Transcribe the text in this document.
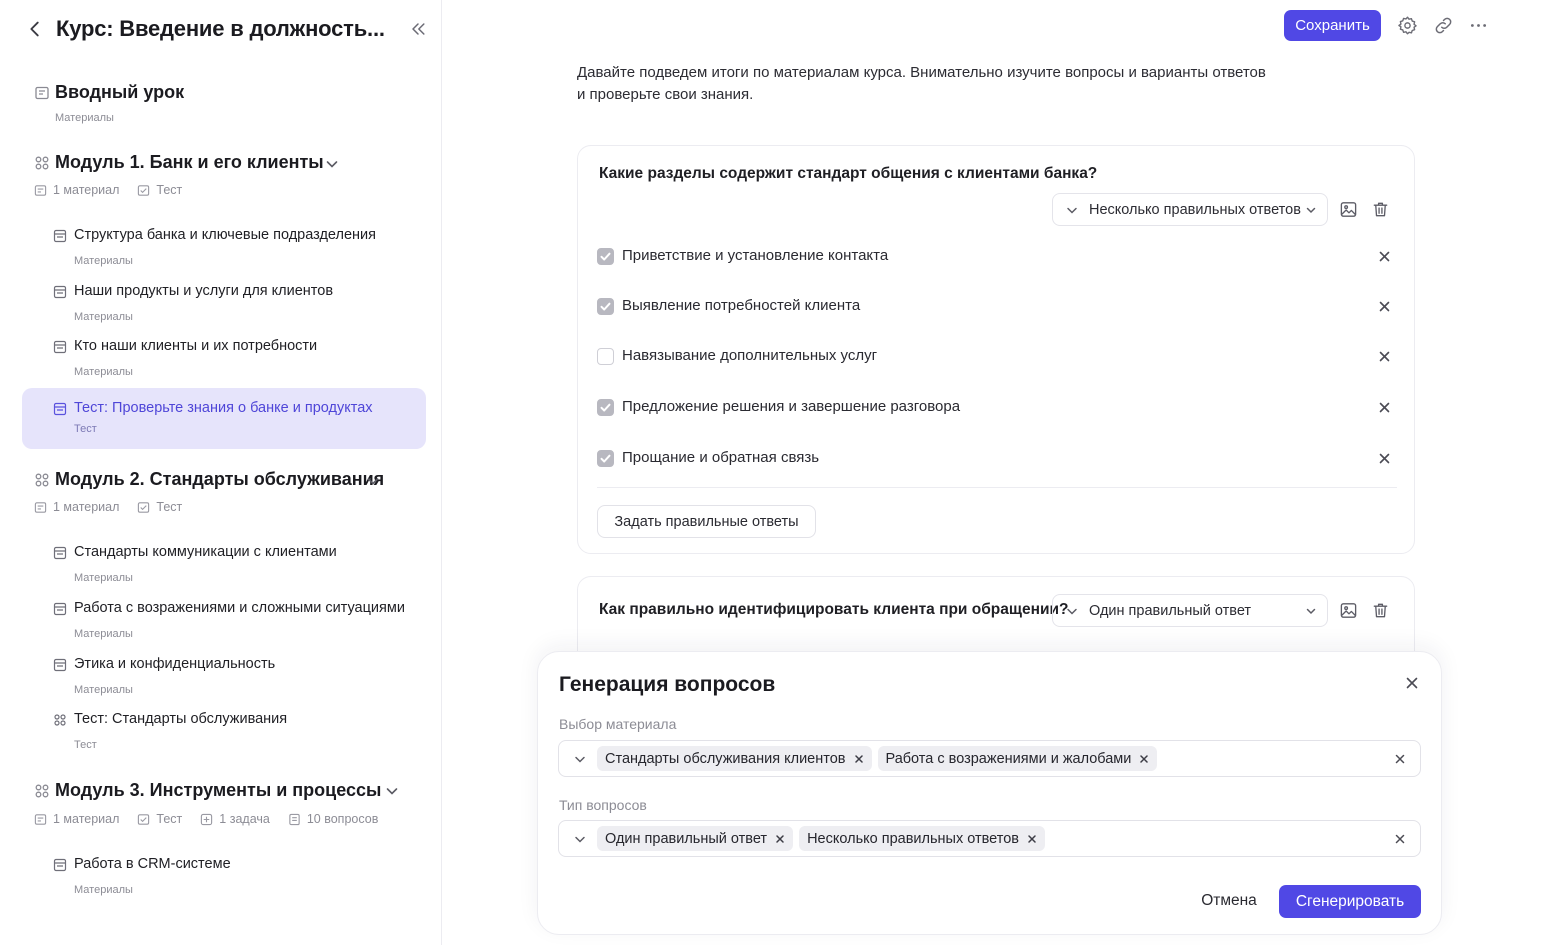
Курс: Введение в должность...
Вводный урок
Материалы
Модуль 1. Банк и его клиенты
1 материал	Тест
Структура банка и ключевые подразделения
Материалы
Наши продукты и услуги для клиентов
Материалы
Кто наши клиенты и их потребности
Материалы
Тест: Проверьте знания о банке и продуктах
Тест
Модуль 2. Стандарты обслуживания
1 материал	Тест
Стандарты коммуникации с клиентами
Материалы
Работа с возражениями и сложными ситуациями
Материалы
Этика и конфиденциальность
Материалы
Тест: Стандарты обслуживания
Тест
Модуль 3. Инструменты и процессы
1 материал	Тест	1 задача	10 вопросов
Работа в CRM-системе
Материалы
Сохранить
Давайте подведем итоги по материалам курса. Внимательно изучите вопросы и варианты ответов
и проверьте свои знания.
Какие разделы содержит стандарт общения с клиентами банка?
Несколько правильных ответов
Приветствие и установление контакта
Выявление потребностей клиента
Навязывание дополнительных услуг
Предложение решения и завершение разговора
Прощание и обратная связь
Задать правильные ответы
Как правильно идентифицировать клиента при обращении? Один правильный ответ
Генерация вопросов
Выбор материала
Стандарты обслуживания клиентов	Работа с возражениями и жалобами
Тип вопросов
Один правильный ответ	Несколько правильных ответов
Отмена	Сгенерировать
